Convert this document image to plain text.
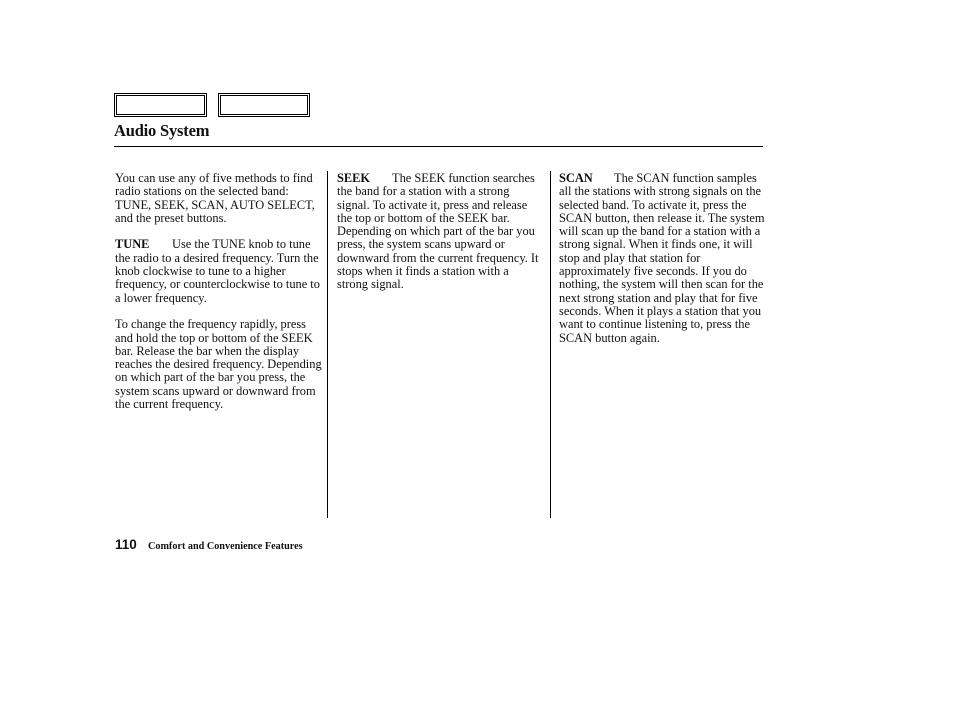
Audio System

You can use any of five methods to find radio stations on the selected band: TUNE, SEEK, SCAN, AUTO SELECT, and the preset buttons.

TUNE Use the TUNE knob to tune the radio to a desired frequency. Turn the knob clockwise to tune to a higher frequency, or counterclockwise to tune to a lower frequency.

To change the frequency rapidly, press and hold the top or bottom of the SEEK bar. Release the bar when the display reaches the desired frequency. Depending on which part of the bar you press, the system scans upward or downward from the current frequency.

SEEK The SEEK function searches the band for a station with a strong signal. To activate it, press and release the top or bottom of the SEEK bar. Depending on which part of the bar you press, the system scans upward or downward from the current frequency. It stops when it finds a station with a strong signal.

SCAN The SCAN function samples all the stations with strong signals on the selected band. To activate it, press the SCAN button, then release it. The system will scan up the band for a station with a strong signal. When it finds one, it will stop and play that station for approximately five seconds. If you do nothing, the system will then scan for the next strong station and play that for five seconds. When it plays a station that you want to continue listening to, press the SCAN button again.

110 Comfort and Convenience Features
